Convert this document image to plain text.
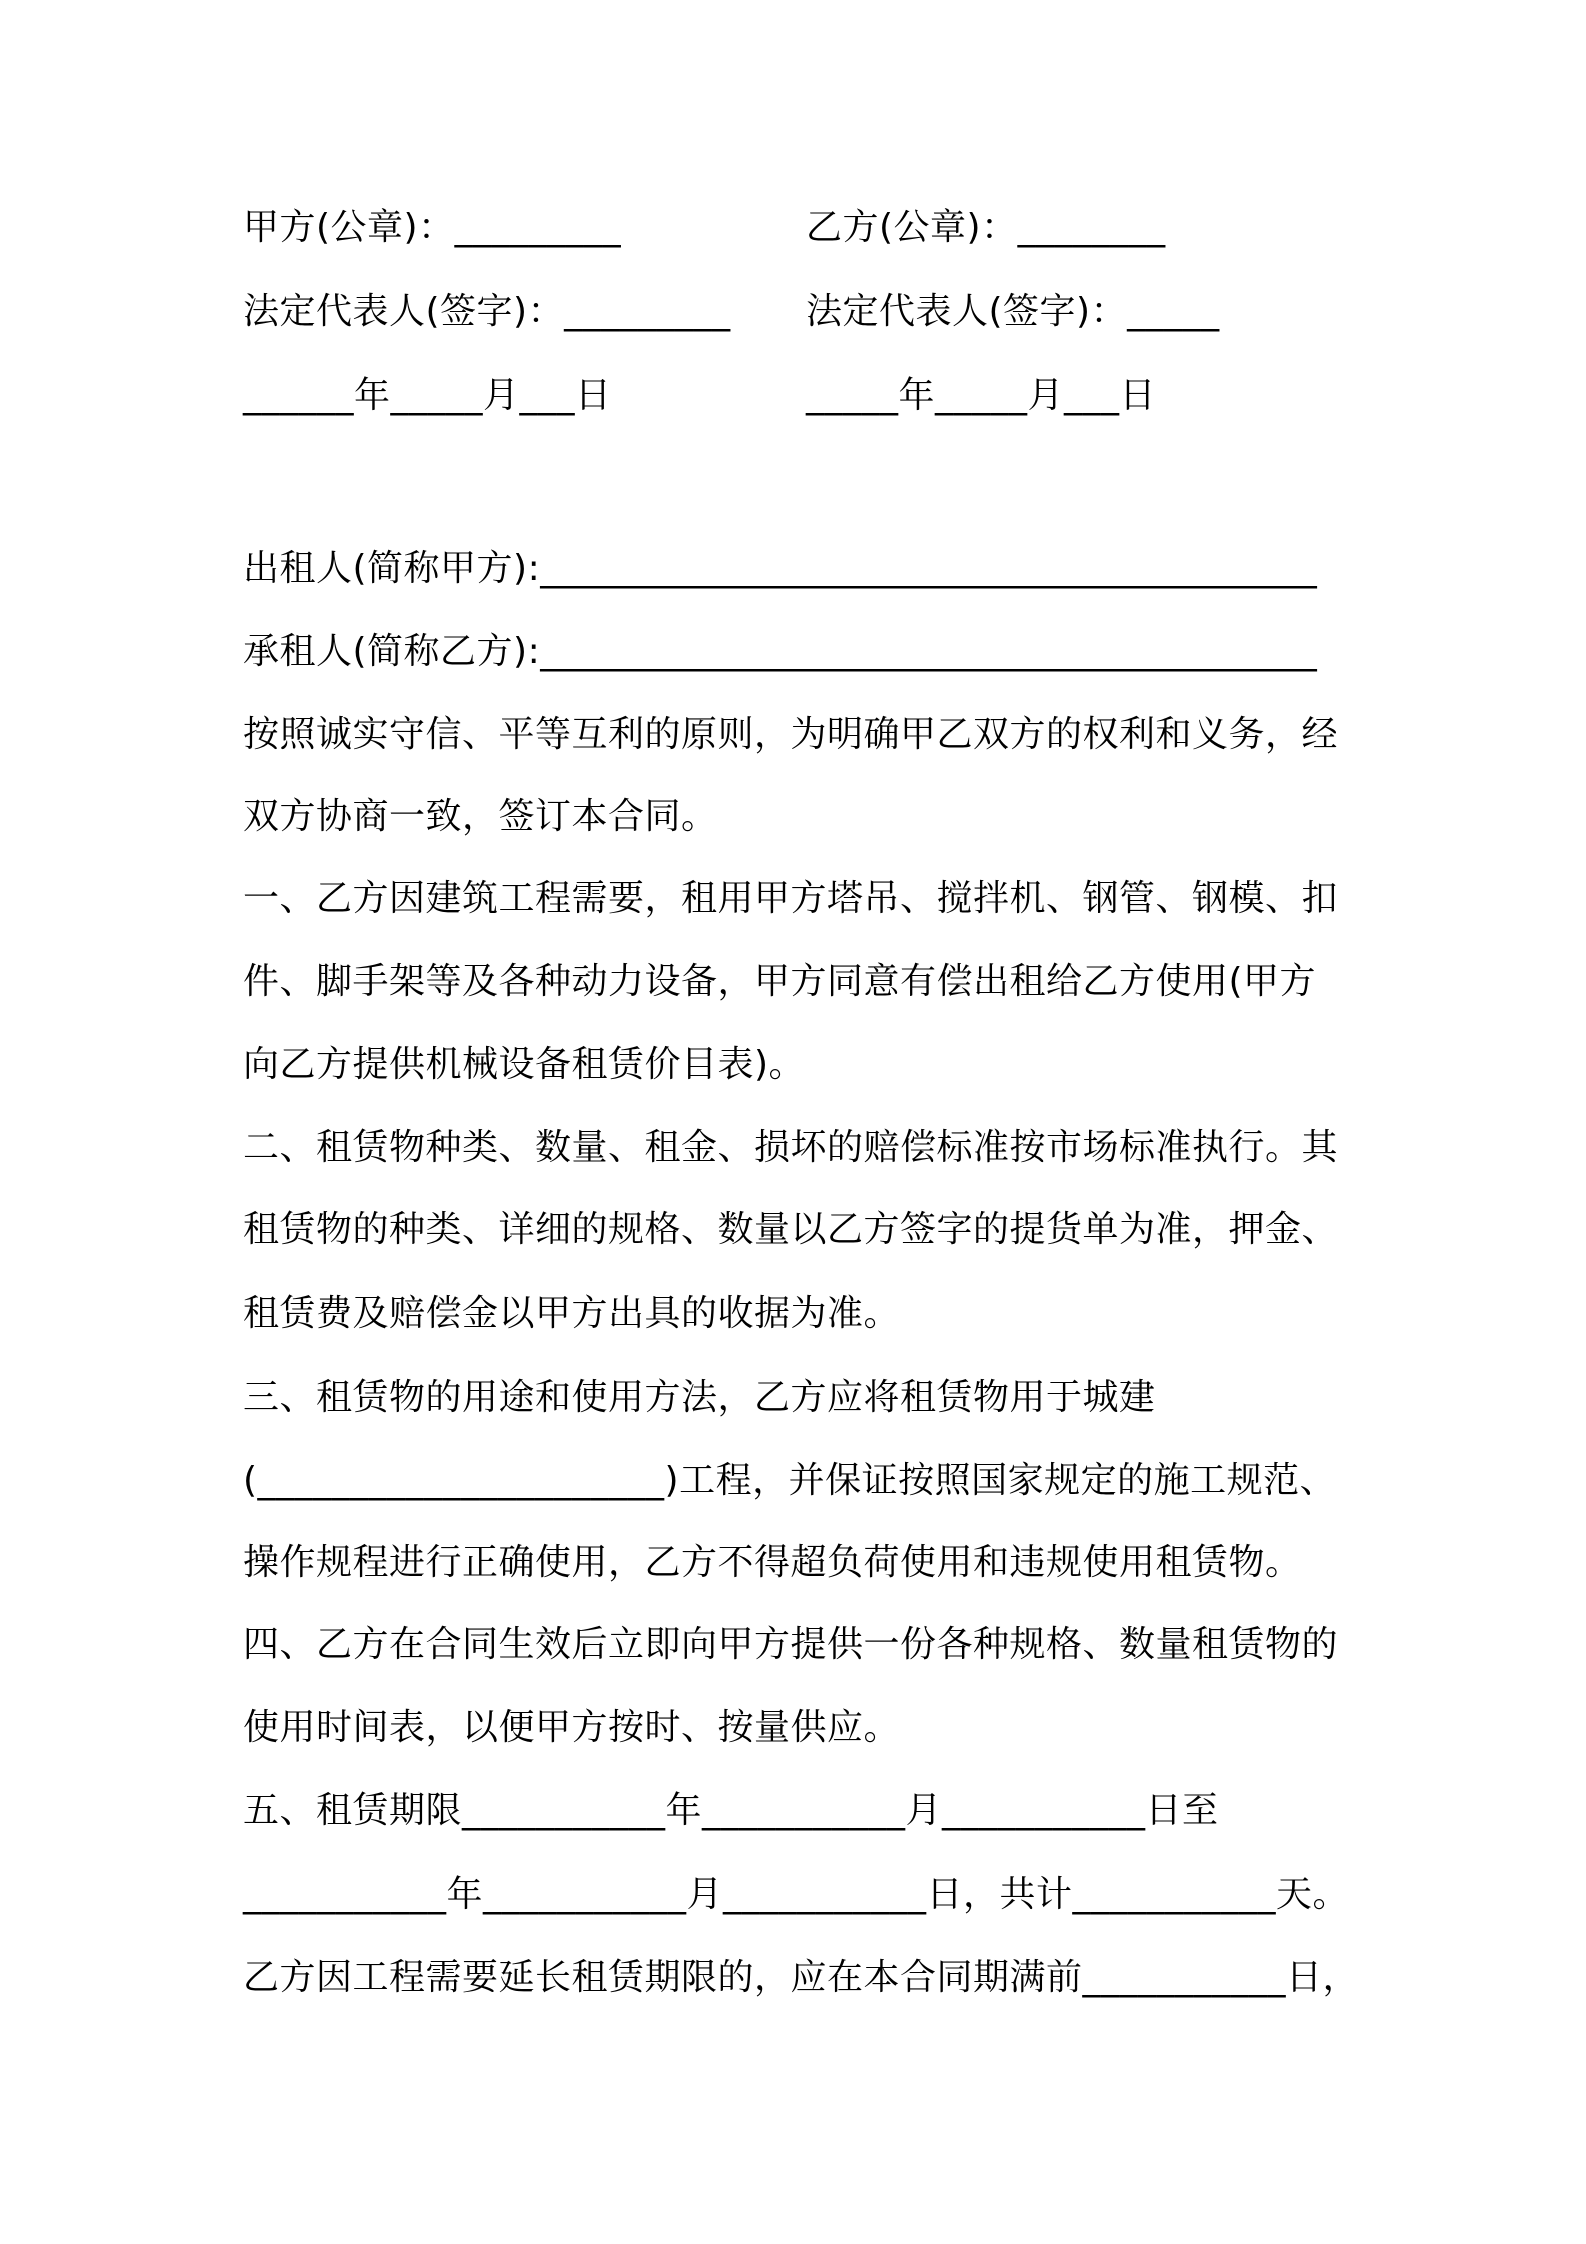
甲方(公章)：_________	乙方(公章)：________
法定代表人(签字)：_________ 法定代表人(签字)：_____
______年_____月___日	_____年_____月___日
出租人(简称甲方):__________________________________________
承租人(简称乙方):__________________________________________
按照诚实守信、平等互利的原则，为明确甲乙双方的权利和义务，经
双方协商一致，签订本合同。
一、乙方因建筑工程需要，租用甲方塔吊、搅拌机、钢管、钢模、扣
件、脚手架等及各种动力设备，甲方同意有偿出租给乙方使用(甲方
向乙方提供机械设备租赁价目表)。
二、租赁物种类、数量、租金、损坏的赔偿标准按市场标准执行。其
租赁物的种类、详细的规格、数量以乙方签字的提货单为准，押金、
租赁费及赔偿金以甲方出具的收据为准。
三、租赁物的用途和使用方法，乙方应将租赁物用于城建
(______________________)工程，并保证按照国家规定的施工规范、
操作规程进行正确使用，乙方不得超负荷使用和违规使用租赁物。
四、乙方在合同生效后立即向甲方提供一份各种规格、数量租赁物的
使用时间表，以便甲方按时、按量供应。
五、租赁期限___________年___________月___________日至
___________年___________月___________日，共计___________天。
乙方因工程需要延长租赁期限的，应在本合同期满前___________日，
